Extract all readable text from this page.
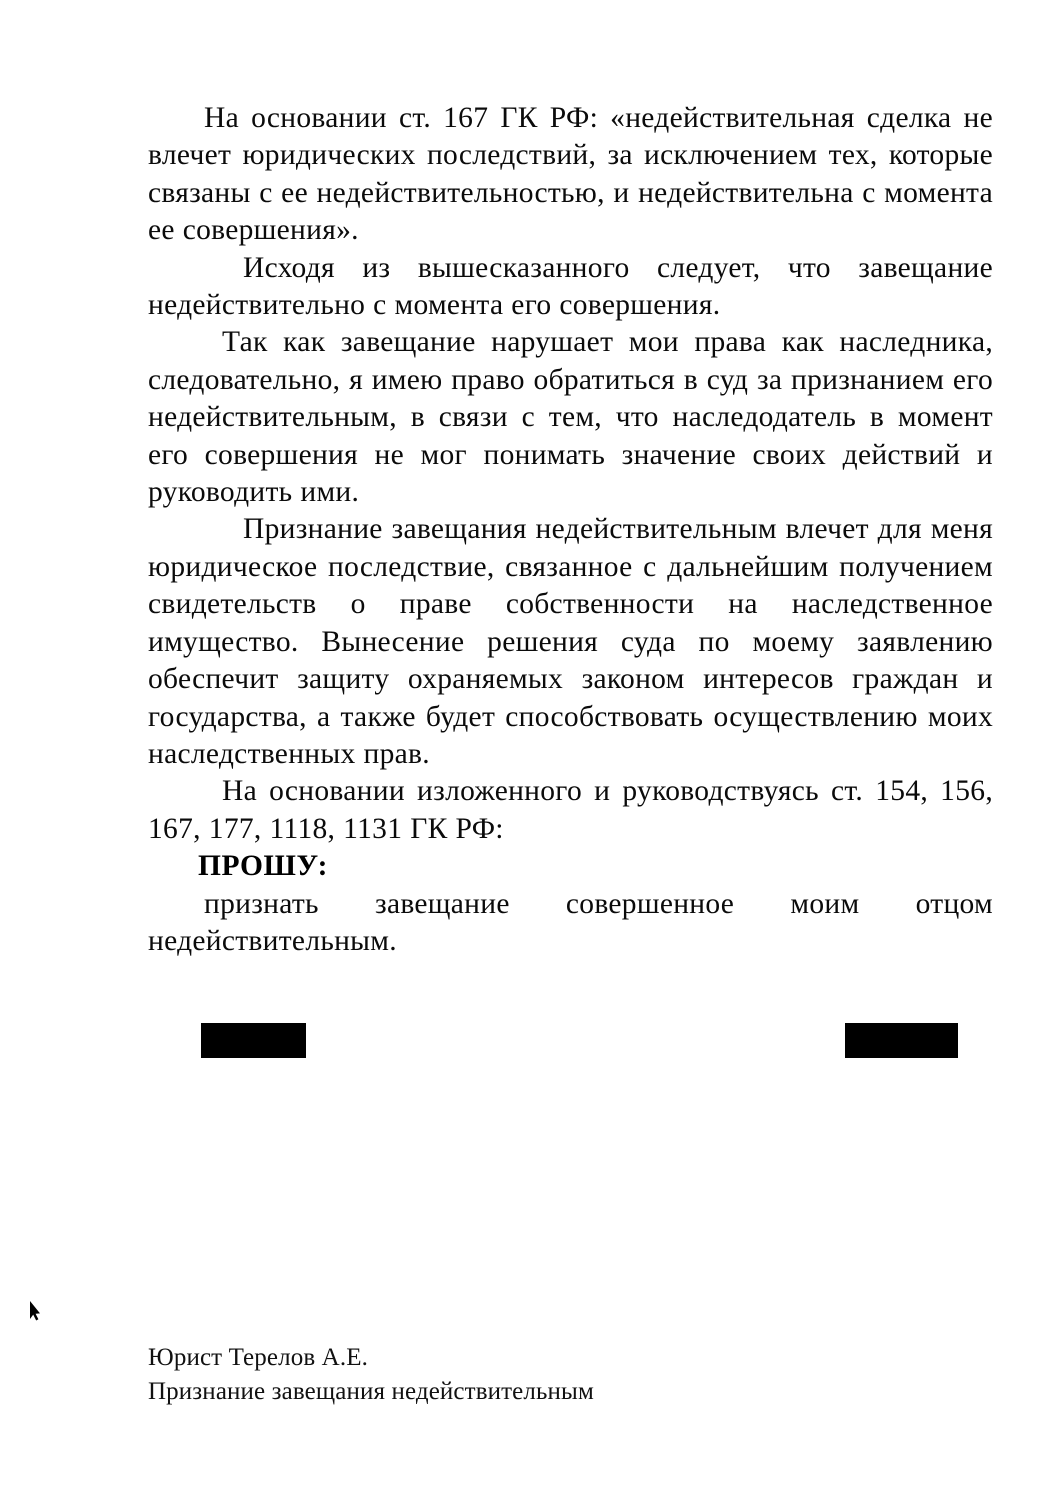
На основании ст. 167 ГК РФ: «недействительная сделка не влечет юридических последствий, за исключением тех, которые связаны с ее недействительностью, и недействительна с момента ее совершения».

Исходя из вышесказанного следует, что завещание недействительно с момента его совершения.

Так как завещание нарушает мои права как наследника, следовательно, я имею право обратиться в суд за признанием его недействительным, в связи с тем, что наследодатель в момент его совершения не мог понимать значение своих действий и руководить ими.

Признание завещания недействительным влечет для меня юридическое последствие, связанное с дальнейшим получением свидетельств о праве собственности на наследственное имущество. Вынесение решения суда по моему заявлению обеспечит защиту охраняемых законом интересов граждан и государства, а также будет способствовать осуществлению моих наследственных прав.

На основании изложенного и руководствуясь ст. 154, 156, 167, 177, 1118, 1131 ГК РФ:

ПРОШУ:

признать завещание совершенное моим отцом недействительным.

Юрист Терелов А.Е.

Признание завещания недействительным
